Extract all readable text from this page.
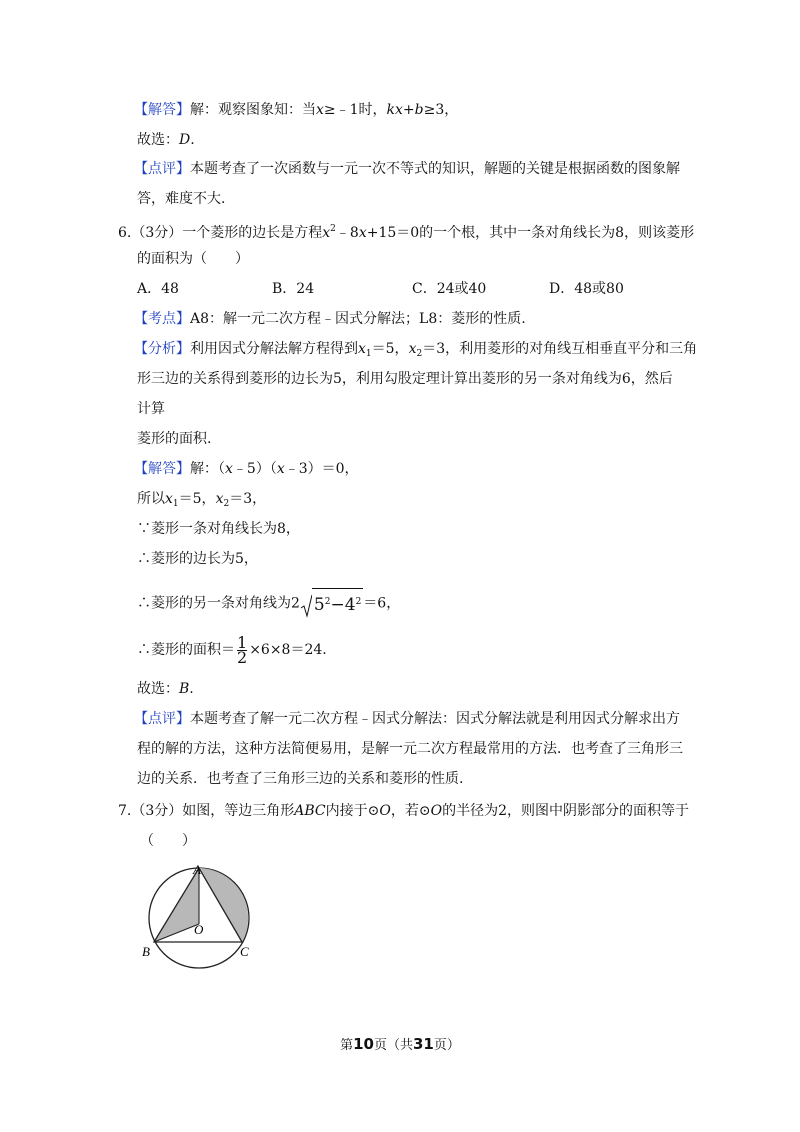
【解答】解：观察图象知：当x≥﹣1时，kx+b≥3，
故选：D.
【点评】本题考查了一次函数与一元一次不等式的知识，解题的关键是根据函数的图象解
答，难度不大.
6.（3分）一个菱形的边长是方程$x^2﹣8x+15=0$的一个根，其中一条对角线长为8，则该菱形
的面积为（　　）
A．48	B．24	C．24或40	D．48或80
【考点】A8：解一元二次方程﹣因式分解法；L8：菱形的性质.
【分析】利用因式分解法解方程得到$x_1=5$，$x_2=3$，利用菱形的对角线互相垂直平分和三角
形三边的关系得到菱形的边长为5，利用勾股定理计算出菱形的另一条对角线为6，然后
计算
菱形的面积.
【解答】解：（x﹣5）（x﹣3）＝0，
所以$x_1=5$，$x_2=3$，
∵菱形一条对角线长为8，
∴菱形的边长为5，
∴菱形的另一条对角线为2 $5^2-4^2 =6$，
∴菱形的面积＝ $\frac{1}{2} \times 6\times 8=24$.
故选：B.
【点评】本题考查了解一元二次方程﹣因式分解法：因式分解法就是利用因式分解求出方
程的解的方法，这种方法简便易用，是解一元二次方程最常用的方法．也考查了三角形三
边的关系．也考查了三角形三边的关系和菱形的性质.
7.（3分）如图，等边三角形ABC内接于⊙O，若⊙O的半径为2，则图中阴影部分的面积等于
（　　）
A
B	C
O
第10页（共31页）
